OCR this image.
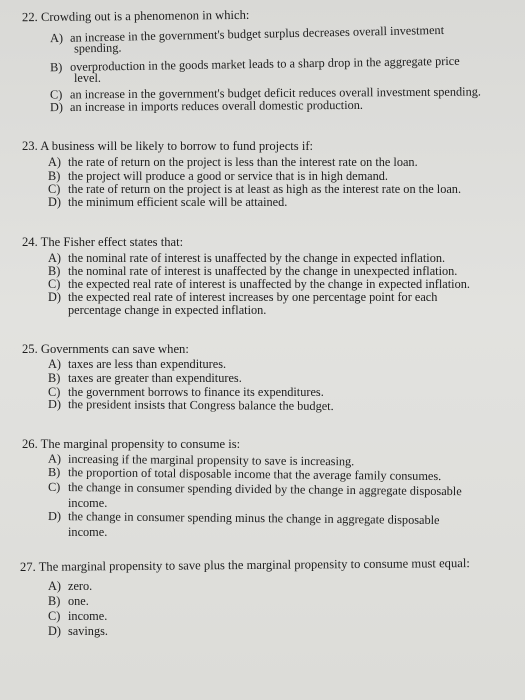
22. Crowding out is a phenomenon in which:
A) an increase in the government's budget surplus decreases overall investment
spending.
B) overproduction in the goods market leads to a sharp drop in the aggregate price
level.
C) an increase in the government's budget deficit reduces overall investment spending.
D) an increase in imports reduces overall domestic production.
23. A business will be likely to borrow to fund projects if:
A) the rate of return on the project is less than the interest rate on the loan.
B) the project will produce a good or service that is in high demand.
C) the rate of return on the project is at least as high as the interest rate on the loan.
D) the minimum efficient scale will be attained.
24. The Fisher effect states that:
A) the nominal rate of interest is unaffected by the change in expected inflation.
B) the nominal rate of interest is unaffected by the change in unexpected inflation.
C) the expected real rate of interest is unaffected by the change in expected inflation.
D) the expected real rate of interest increases by one percentage point for each
percentage change in expected inflation.
25. Governments can save when:
A) taxes are less than expenditures.
B) taxes are greater than expenditures.
C) the government borrows to finance its expenditures.
D) the president insists that Congress balance the budget.
26. The marginal propensity to consume is:
A) increasing if the marginal propensity to save is increasing.
B) the proportion of total disposable income that the average family consumes.
C) the change in consumer spending divided by the change in aggregate disposable
income.
D) the change in consumer spending minus the change in aggregate disposable
income.
27. The marginal propensity to save plus the marginal propensity to consume must equal:
A) zero.
B) one.
C) income.
D) savings.
